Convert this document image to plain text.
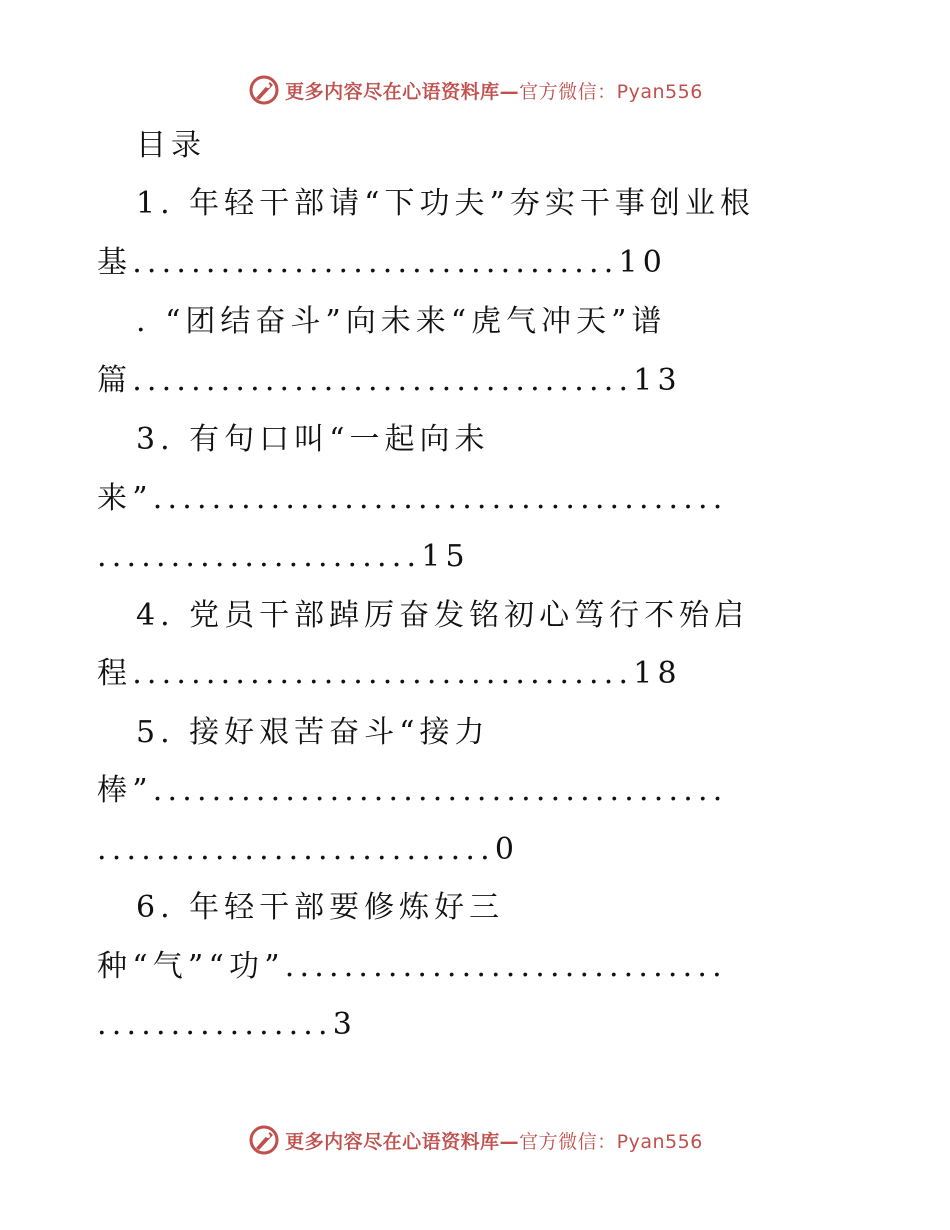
更多内容尽在心语资料库— 官方微信：Pyan556
目录
1. 年轻干部请“下功夫”夯实干事创业根
基.................................10
. “团结奋斗”向未来“虎气冲天”谱
篇..................................13
3. 有句口叫“一起向未
来”.......................................
......................15
4. 党员干部踔厉奋发铭初心笃行不殆启
程..................................18
5. 接好艰苦奋斗“接力
棒”.......................................
...........................0
6. 年轻干部要修炼好三
种“气”“功”..............................
................3
更多内容尽在心语资料库— 官方微信：Pyan556
